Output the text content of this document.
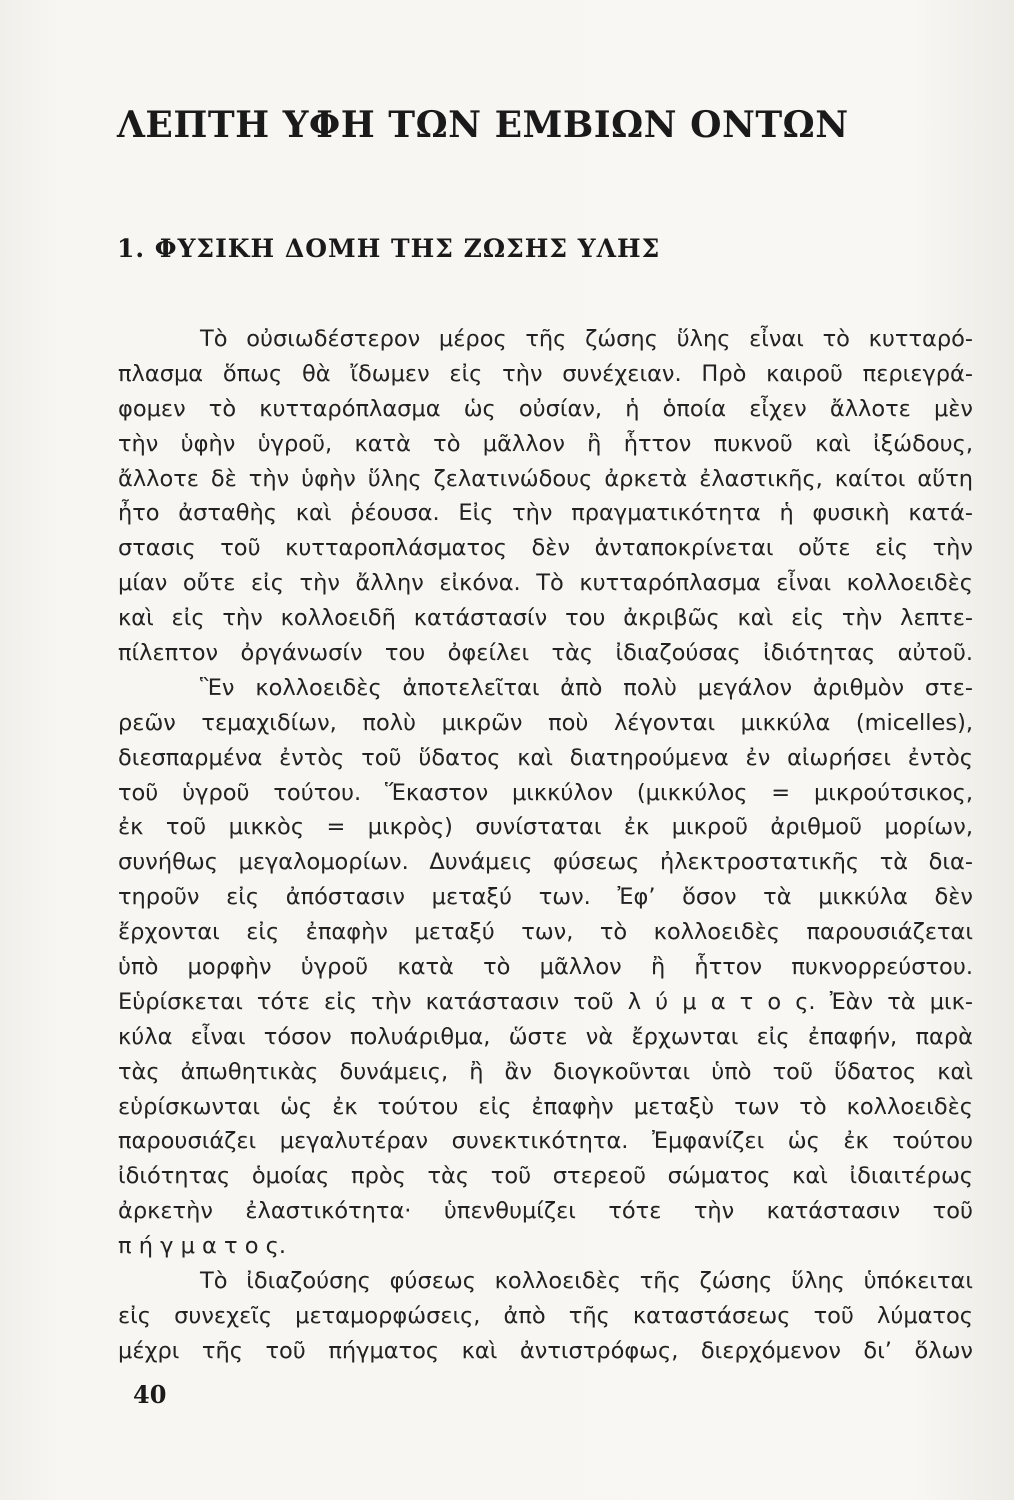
ΛΕΠΤΗ ΥΦΗ ΤΩΝ ΕΜΒΙΩΝ ΟΝΤΩΝ
1. ΦΥΣΙΚΗ ΔΟΜΗ ΤΗΣ ΖΩΣΗΣ ΥΛΗΣ
Τὸ οὐσιωδέστερον μέρος τῆς ζώσης ὕλης εἶναι τὸ κυτταρό-
πλασμα ὅπως θὰ ἴδωμεν εἰς τὴν συνέχειαν. Πρὸ καιροῦ περιεγρά-
φομεν τὸ κυτταρόπλασμα ὡς οὐσίαν, ἡ ὁποία εἶχεν ἄλλοτε μὲν
τὴν ὑφὴν ὑγροῦ, κατὰ τὸ μᾶλλον ἢ ἧττον πυκνοῦ καὶ ἰξώδους,
ἄλλοτε δὲ τὴν ὑφὴν ὕλης ζελατινώδους ἀρκετὰ ἐλαστικῆς, καίτοι αὕτη
ἦτο ἀσταθὴς καὶ ῥέουσα. Εἰς τὴν πραγματικότητα ἡ φυσικὴ κατά-
στασις τοῦ κυτταροπλάσματος δὲν ἀνταποκρίνεται οὔτε εἰς τὴν
μίαν οὔτε εἰς τὴν ἄλλην εἰκόνα. Τὸ κυτταρόπλασμα εἶναι κολλοειδὲς
καὶ εἰς τὴν κολλοειδῆ κατάστασίν του ἀκριβῶς καὶ εἰς τὴν λεπτε-
πίλεπτον ὀργάνωσίν του ὀφείλει τὰς ἰδιαζούσας ἰδιότητας αὐτοῦ.
Ἓν κολλοειδὲς ἀποτελεῖται ἀπὸ πολὺ μεγάλον ἀριθμὸν στε-
ρεῶν τεμαχιδίων, πολὺ μικρῶν ποὺ λέγονται μικκύλα (micelles),
διεσπαρμένα ἐντὸς τοῦ ὕδατος καὶ διατηρούμενα ἐν αἰωρήσει ἐντὸς
τοῦ ὑγροῦ τούτου. Ἕκαστον μικκύλον (μικκύλος = μικρούτσικος,
ἐκ τοῦ μικκὸς = μικρὸς) συνίσταται ἐκ μικροῦ ἀριθμοῦ μορίων,
συνήθως μεγαλομορίων. Δυνάμεις φύσεως ἠλεκτροστατικῆς τὰ δια-
τηροῦν εἰς ἀπόστασιν μεταξύ των. Ἐφ’ ὅσον τὰ μικκύλα δὲν
ἔρχονται εἰς ἐπαφὴν μεταξύ των, τὸ κολλοειδὲς παρουσιάζεται
ὑπὸ μορφὴν ὑγροῦ κατὰ τὸ μᾶλλον ἢ ἧττον πυκνορρεύστου.
Εὑρίσκεται τότε εἰς τὴν κατάστασιν τοῦ λ ύ μ α τ ο ς. Ἐὰν τὰ μικ-
κύλα εἶναι τόσον πολυάριθμα, ὥστε νὰ ἔρχωνται εἰς ἐπαφήν, παρὰ
τὰς ἀπωθητικὰς δυνάμεις, ἢ ἂν διογκοῦνται ὑπὸ τοῦ ὕδατος καὶ
εὑρίσκωνται ὡς ἐκ τούτου εἰς ἐπαφὴν μεταξὺ των τὸ κολλοειδὲς
παρουσιάζει μεγαλυτέραν συνεκτικότητα. Ἐμφανίζει ὡς ἐκ τούτου
ἰδιότητας ὁμοίας πρὸς τὰς τοῦ στερεοῦ σώματος καὶ ἰδιαιτέρως
ἀρκετὴν ἐλαστικότητα· ὑπενθυμίζει τότε τὴν κατάστασιν τοῦ
π ή γ μ α τ ο ς.
Τὸ ἰδιαζούσης φύσεως κολλοειδὲς τῆς ζώσης ὕλης ὑπόκειται
εἰς συνεχεῖς μεταμορφώσεις, ἀπὸ τῆς καταστάσεως τοῦ λύματος
μέχρι τῆς τοῦ πήγματος καὶ ἀντιστρόφως, διερχόμενον δι’ ὅλων
40
